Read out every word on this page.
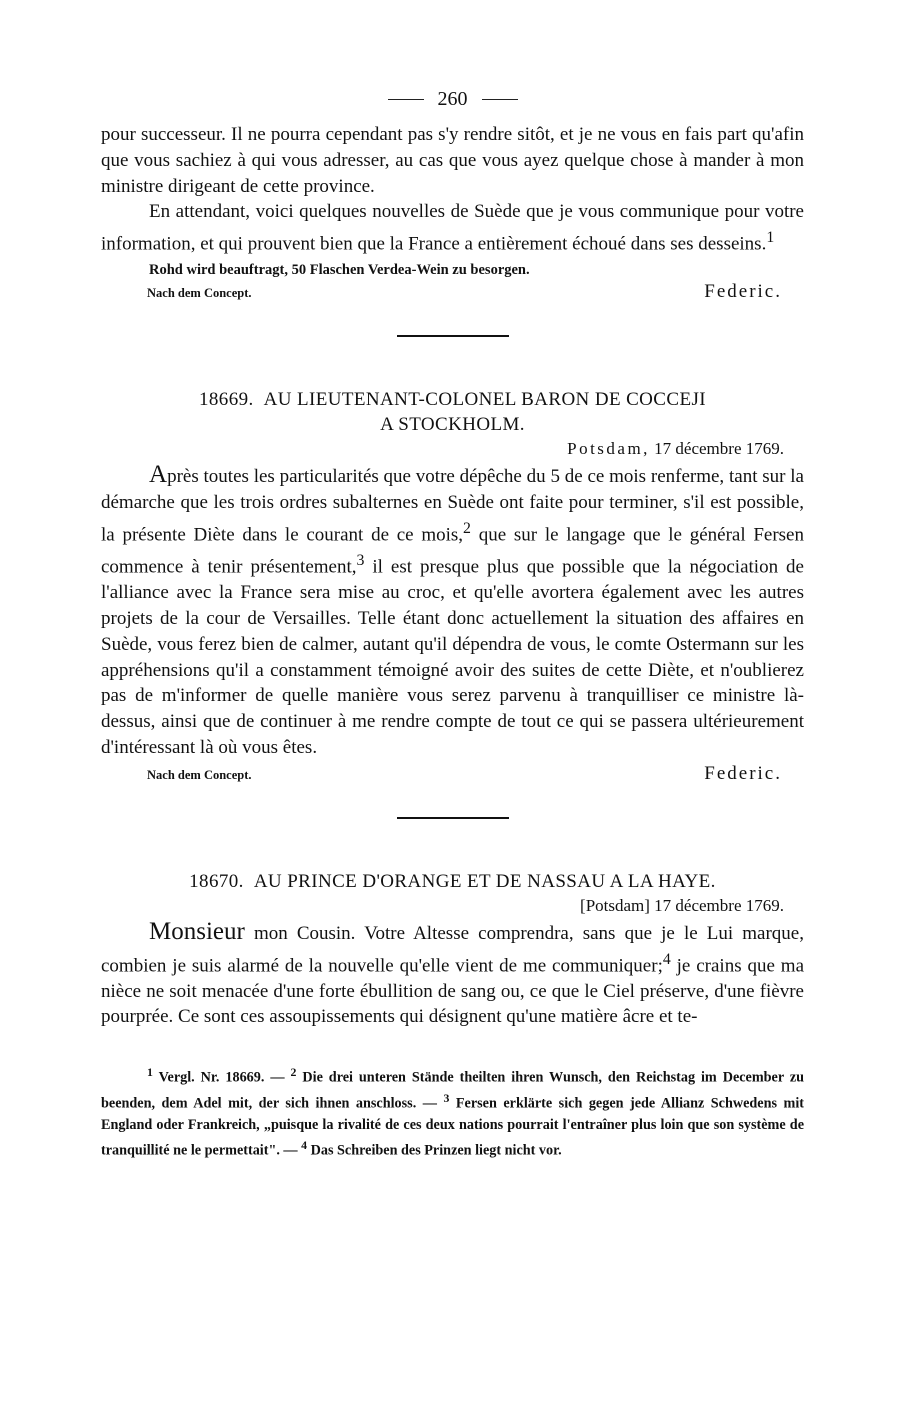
260

pour successeur. Il ne pourra cependant pas s'y rendre sitôt, et je ne vous en fais part qu'afin que vous sachiez à qui vous adresser, au cas que vous ayez quelque chose à mander à mon ministre dirigeant de cette province.

En attendant, voici quelques nouvelles de Suède que je vous communique pour votre information, et qui prouvent bien que la France a entièrement échoué dans ses desseins.$^1$

Rohd wird beauftragt, 50 Flaschen Verdea-Wein zu besorgen.
Nach dem Concept.	Federic.

18669. AU LIEUTENANT-COLONEL BARON DE COCCEJI

A STOCKHOLM.

Potsdam, 17 décembre 1769.

Après toutes les particularités que votre dépêche du 5 de ce mois renferme, tant sur la démarche que les trois ordres subalternes en Suède ont faite pour terminer, s'il est possible, la présente Diète dans le courant de ce mois,$^2$ que sur le langage que le général Fersen commence à tenir présentement,$^3$ il est presque plus que possible que la négociation de l'alliance avec la France sera mise au croc, et qu'elle avortera également avec les autres projets de la cour de Versailles. Telle étant donc actuellement la situation des affaires en Suède, vous ferez bien de calmer, autant qu'il dépendra de vous, le comte Ostermann sur les appréhensions qu'il a constamment témoigné avoir des suites de cette Diète, et n'oublierez pas de m'informer de quelle manière vous serez parvenu à tranquilliser ce ministre là-dessus, ainsi que de continuer à me rendre compte de tout ce qui se passera ultérieurement d'intéressant là où vous êtes.

Nach dem Concept.	Federic.

18670. AU PRINCE D'ORANGE ET DE NASSAU A LA HAYE.

[Potsdam] 17 décembre 1769.

Monsieur mon Cousin. Votre Altesse comprendra, sans que je le Lui marque, combien je suis alarmé de la nouvelle qu'elle vient de me communiquer;$^4$ je crains que ma nièce ne soit menacée d'une forte ébullition de sang ou, ce que le Ciel préserve, d'une fièvre pourprée. Ce sont ces assoupissements qui désignent qu'une matière âcre et te-

$^1$ Vergl. Nr. 18669. — $^2$ Die drei unteren Stände theilten ihren Wunsch, den Reichstag im December zu beenden, dem Adel mit, der sich ihnen anschloss. — $^3$ Fersen erklärte sich gegen jede Allianz Schwedens mit England oder Frankreich, „puisque la rivalité de ces deux nations pourrait l'entraîner plus loin que son système de tranquillité ne le permettait". — $^4$ Das Schreiben des Prinzen liegt nicht vor.
